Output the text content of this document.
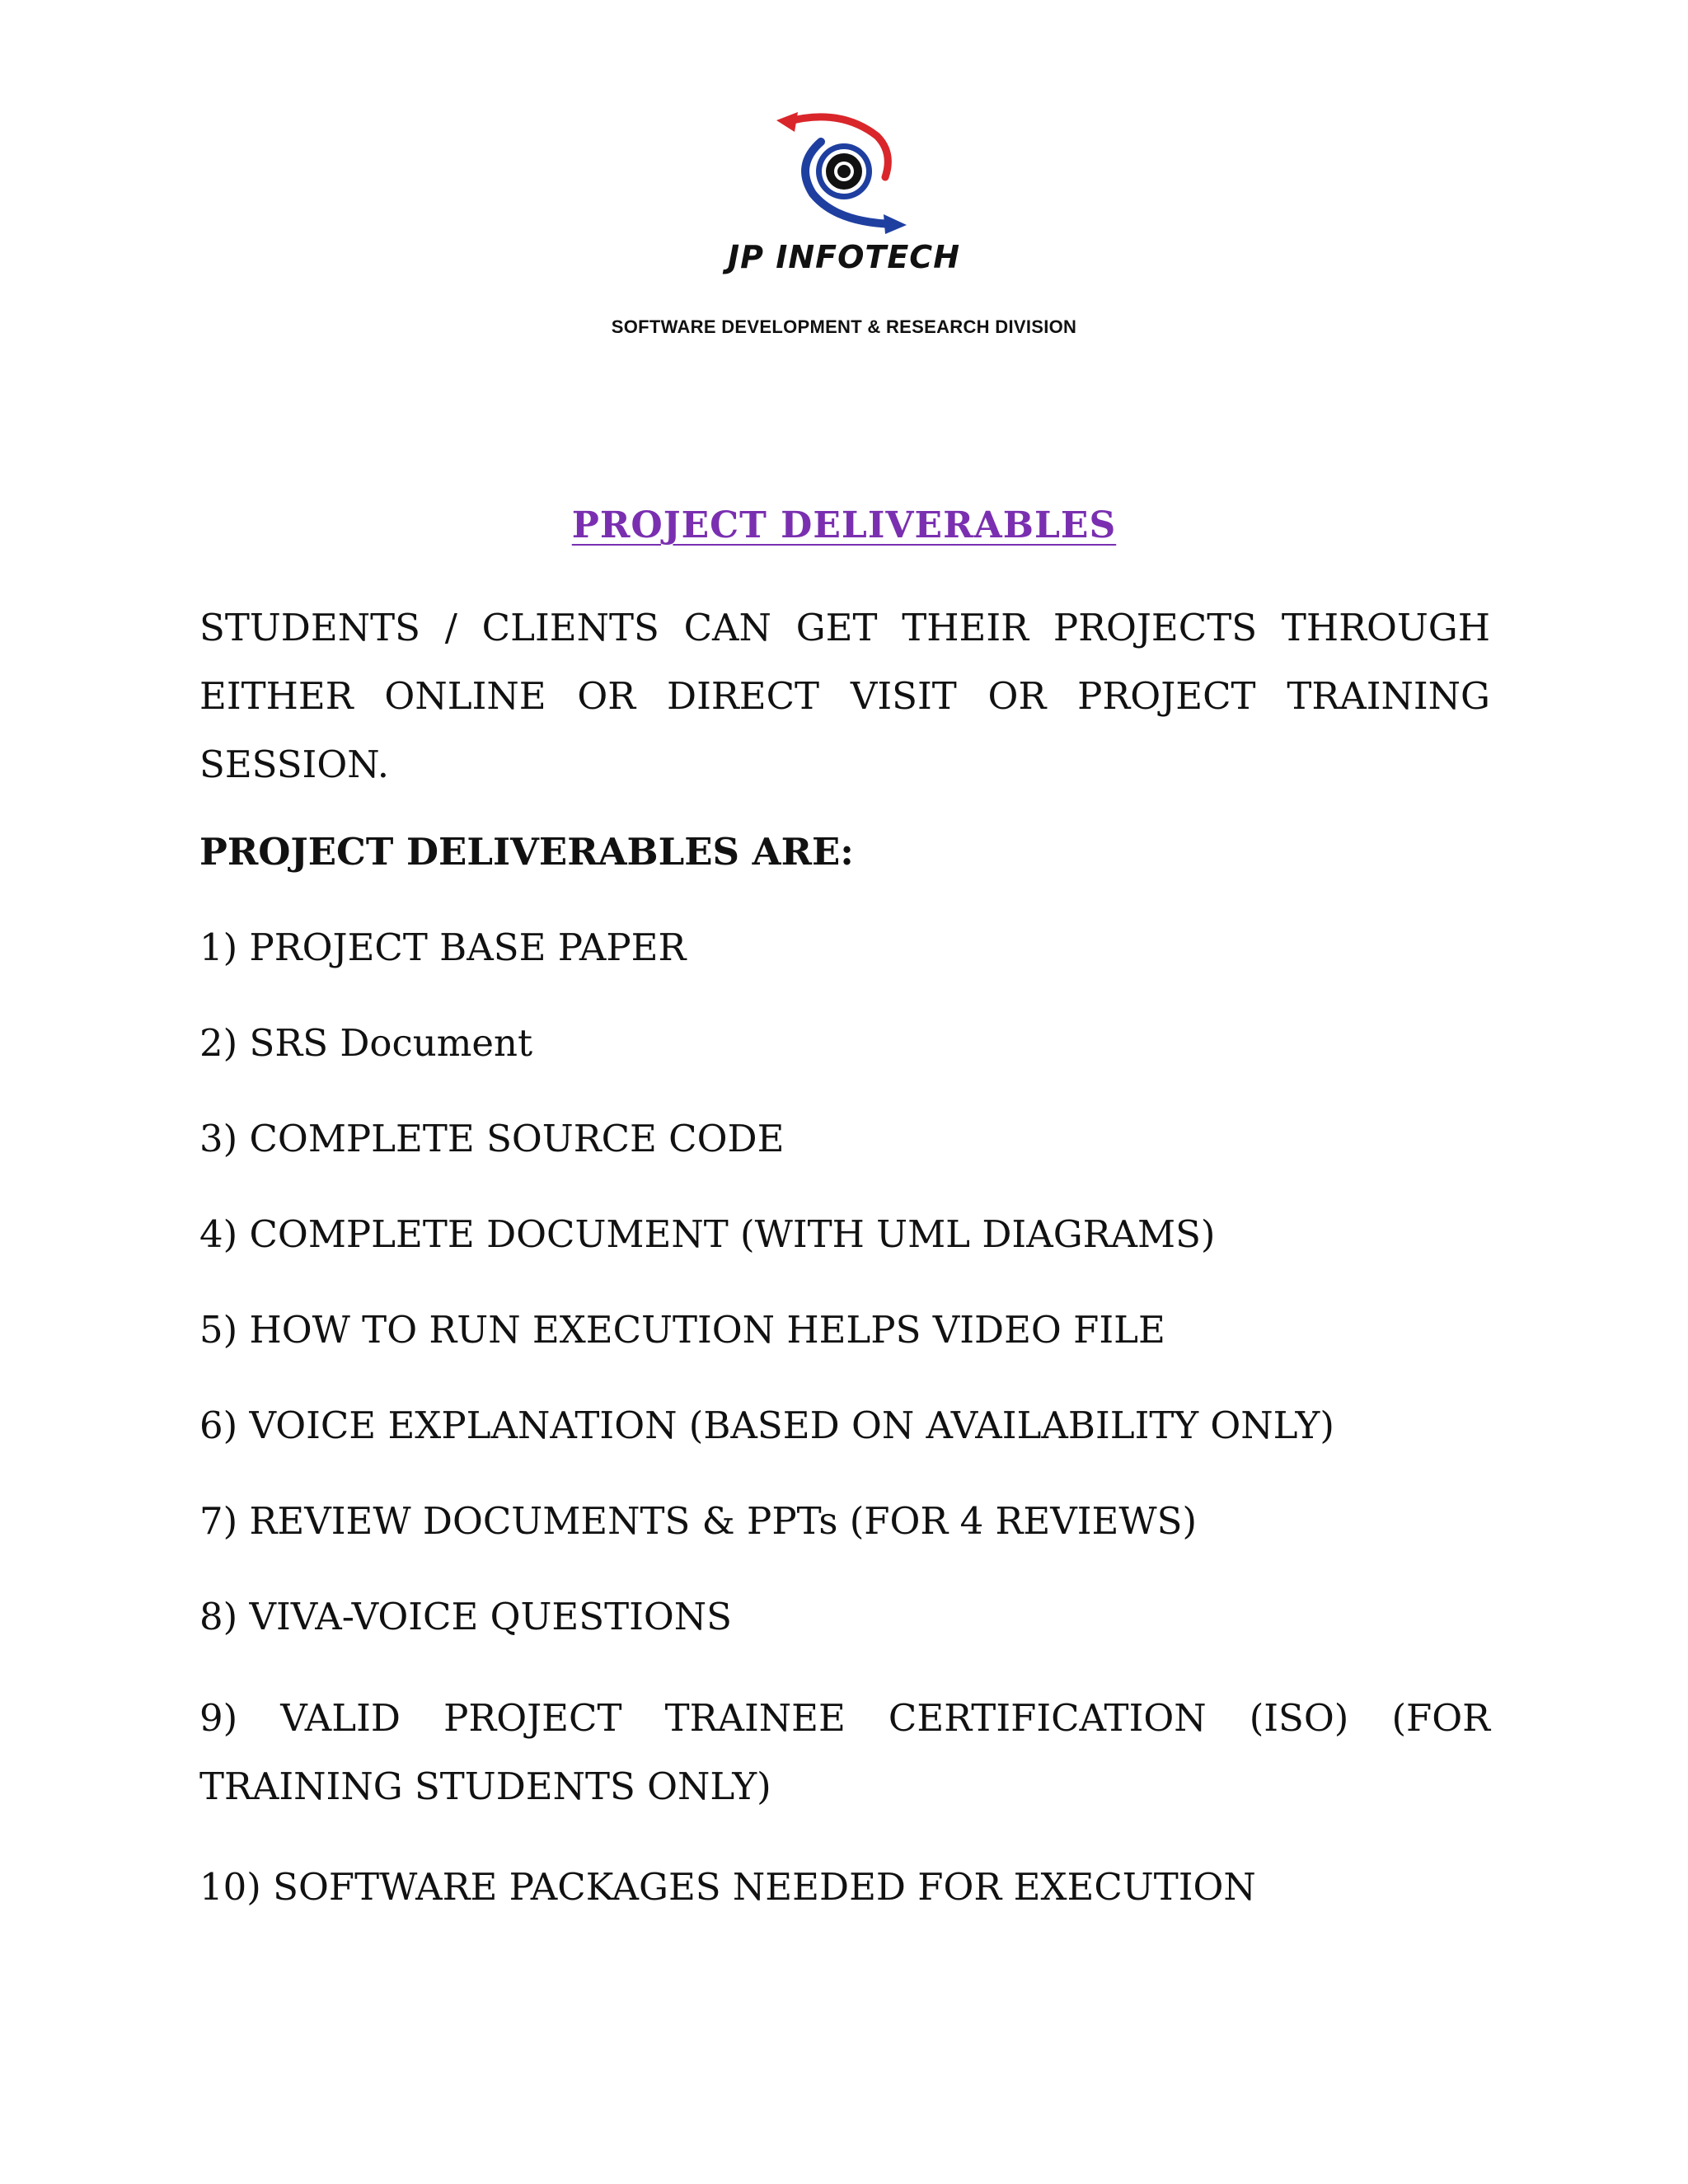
JP INFOTECH
SOFTWARE DEVELOPMENT & RESEARCH DIVISION
PROJECT DELIVERABLES

STUDENTS / CLIENTS CAN GET THEIR PROJECTS THROUGH EITHER ONLINE OR DIRECT VISIT OR PROJECT TRAINING SESSION.

PROJECT DELIVERABLES ARE:

1) PROJECT BASE PAPER
2) SRS Document
3) COMPLETE SOURCE CODE
4) COMPLETE DOCUMENT (WITH UML DIAGRAMS)
5) HOW TO RUN EXECUTION HELPS VIDEO FILE
6) VOICE EXPLANATION (BASED ON AVAILABILITY ONLY)
7) REVIEW DOCUMENTS & PPTs (FOR 4 REVIEWS)
8) VIVA-VOICE QUESTIONS
9) VALID PROJECT TRAINEE CERTIFICATION (ISO) (FOR TRAINING STUDENTS ONLY)
10) SOFTWARE PACKAGES NEEDED FOR EXECUTION
